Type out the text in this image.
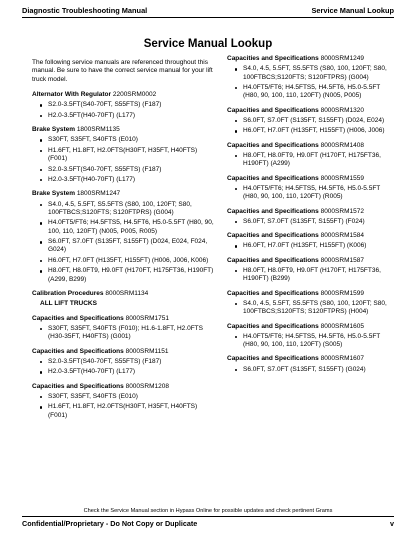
Diagnostic Troubleshooting Manual	Service Manual Lookup
Service Manual Lookup

The following service manuals are referenced throughout this manual. Be sure to have the correct service manual for your lift truck model.

Alternator With Regulator 2200SRM0002

S2.0-3.5FT(S40-70FT, S55FTS) (F187)
H2.0-3.5FT(H40-70FT) (L177)

Brake System 1800SRM1135

S30FT, S35FT, S40FTS (E010)
H1.6FT, H1.8FT, H2.0FTS(H30FT, H35FT, H40FTS) (F001)
S2.0-3.5FT(S40-70FT, S55FTS) (F187)
H2.0-3.5FT(H40-70FT) (L177)

Brake System 1800SRM1247

S4.0, 4.5, 5.5FT, S5.5FTS (S80, 100, 120FT; S80, 100FTBCS;S120FTS; S120FTPRS) (G004)
H4.0FT5/FT6; H4.5FTS5, H4.5FT6, H5.0-5.5FT (H80, 90, 100, 110, 120FT) (N005, P005, R005)
S6.0FT, S7.0FT (S135FT, S155FT) (D024, E024, F024, G024)
H6.0FT, H7.0FT (H135FT, H155FT) (H006, J006, K006)
H8.0FT, H8.0FT9, H9.0FT (H170FT, H175FT36, H190FT) (A299, B299)

Calibration Procedures 8000SRM1134

ALL LIFT TRUCKS

Capacities and Specifications 8000SRM1751

S30FT, S35FT, S40FTS (F010); H1.6-1.8FT, H2.0FTS (H30-35FT, H40FTS) (G001)

Capacities and Specifications 8000SRM1151

S2.0-3.5FT(S40-70FT, S55FTS) (F187)
H2.0-3.5FT(H40-70FT) (L177)

Capacities and Specifications 8000SRM1208

S30FT, S35FT, S40FTS (E010)
H1.6FT, H1.8FT, H2.0FTS(H30FT, H35FT, H40FTS) (F001)

Capacities and Specifications 8000SRM1249

S4.0, 4.5, 5.5FT, S5.5FTS (S80, 100, 120FT; S80, 100FTBCS;S120FTS; S120FTPRS) (G004)
H4.0FT5/FT6; H4.5FTS5, H4.5FT6, H5.0-5.5FT (H80, 90, 100, 110, 120FT) (N005, P005)

Capacities and Specifications 8000SRM1320

S6.0FT, S7.0FT (S135FT, S155FT) (D024, E024)
H6.0FT, H7.0FT (H135FT, H155FT) (H006, J006)

Capacities and Specifications 8000SRM1408

H8.0FT, H8.0FT9, H9.0FT (H170FT, H175FT36, H190FT) (A299)

Capacities and Specifications 8000SRM1559

H4.0FT5/FT6; H4.5FTS5, H4.5FT6, H5.0-5.5FT (H80, 90, 100, 110, 120FT) (R005)

Capacities and Specifications 8000SRM1572

S6.0FT, S7.0FT (S135FT, S155FT) (F024)

Capacities and Specifications 8000SRM1584

H6.0FT, H7.0FT (H135FT, H155FT) (K006)

Capacities and Specifications 8000SRM1587

H8.0FT, H8.0FT9, H9.0FT (H170FT, H175FT36, H190FT) (B299)

Capacities and Specifications 8000SRM1599

S4.0, 4.5, 5.5FT, S5.5FTS (S80, 100, 120FT; S80, 100FTBCS;S120FTS; S120FTPRS) (H004)

Capacities and Specifications 8000SRM1605

H4.0FT5/FT6; H4.5FTS5, H4.5FT6, H5.0-5.5FT (H80, 90, 100, 110, 120FT) (S005)

Capacities and Specifications 8000SRM1607

S6.0FT, S7.0FT (S135FT, S155FT) (G024)
Check the Service Manual section in Hypass Online for possible updates and check pertinent Grams
Confidential/Proprietary - Do Not Copy or Duplicate	v
